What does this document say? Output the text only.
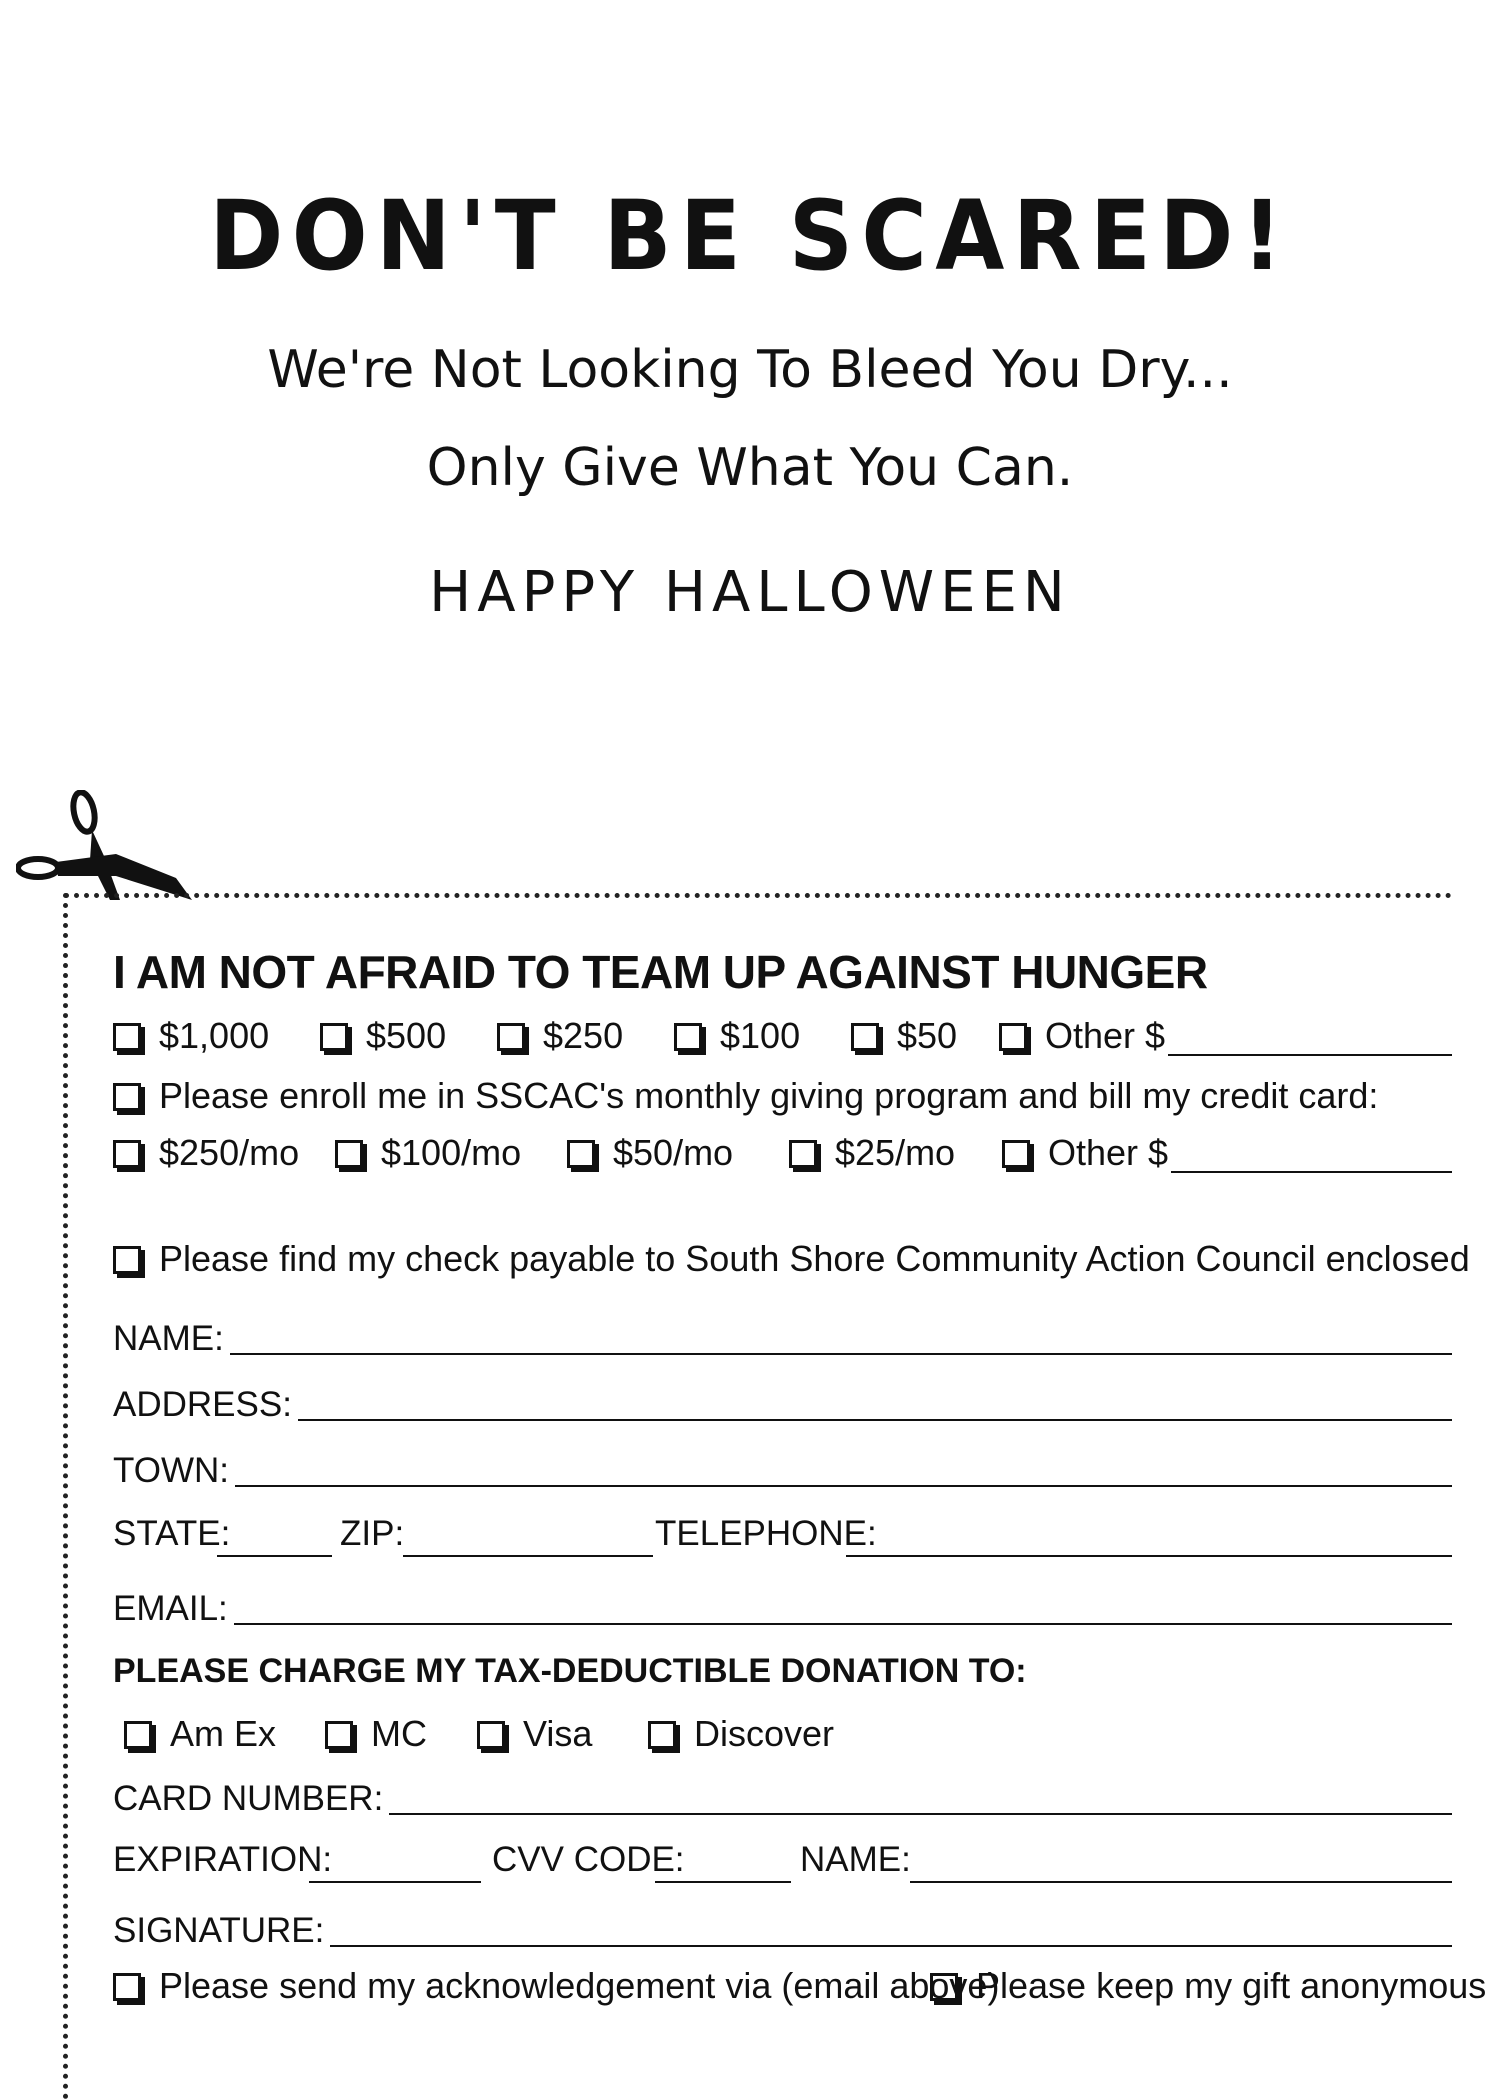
DON'T BE SCARED!
We're Not Looking To Bleed You Dry...
Only Give What You Can.
HAPPY HALLOWEEN
I AM NOT AFRAID TO TEAM UP AGAINST HUNGER
$1,000	$500	$250	$100	$50	Other $
Please enroll me in SSCAC's monthly giving program and bill my credit card:
$250/mo	$100/mo	$50/mo	$25/mo	Other $
Please find my check payable to South Shore Community Action Council enclosed
NAME:
ADDRESS:
TOWN:
STATE:	ZIP:	TELEPHONE:
EMAIL:
PLEASE CHARGE MY TAX-DEDUCTIBLE DONATION TO:
Am Ex	MC	Visa	Discover
CARD NUMBER:
EXPIRATION:	CVV CODE:	NAME:
SIGNATURE:
Please send my acknowledgement via (email above)
Please keep my gift anonymous
